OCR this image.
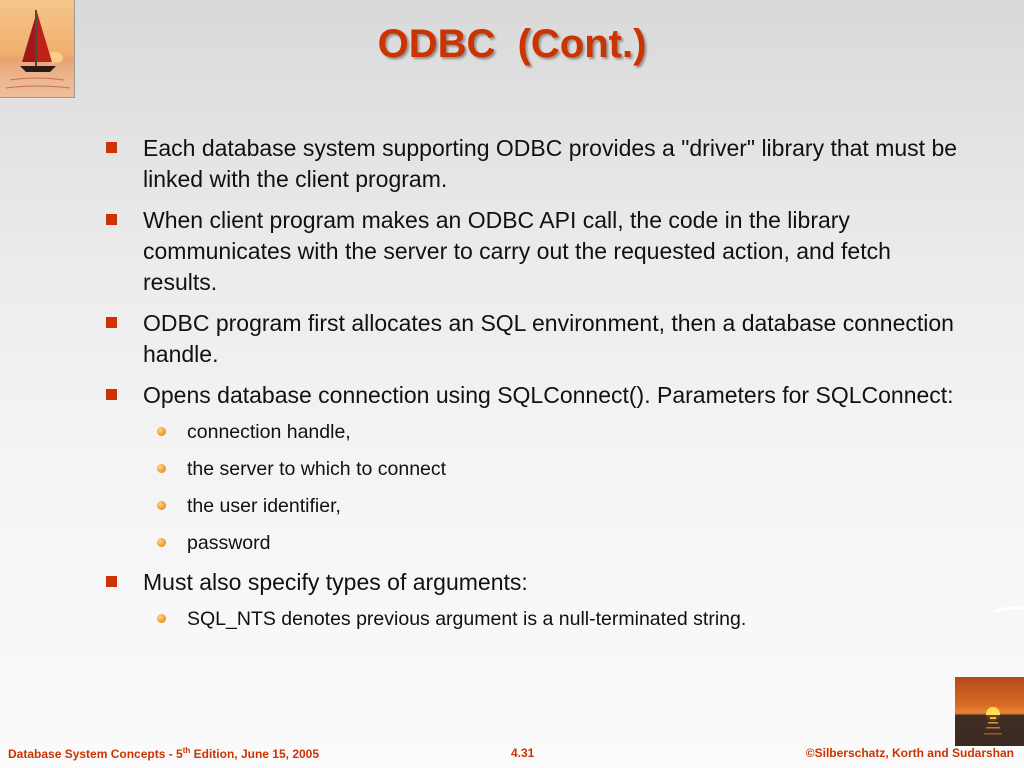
ODBC  (Cont.)
Each database system supporting ODBC provides a "driver" library that must be linked with the client program.
When client program makes an ODBC API call, the code in the library communicates with the server to carry out the requested action, and fetch results.
ODBC program first allocates an SQL environment, then a database connection handle.
Opens database connection using SQLConnect(). Parameters for SQLConnect:
connection handle,
the server to which to connect
the user identifier,
password
Must also specify types of arguments:
SQL_NTS denotes previous argument is a null-terminated string.
Database System Concepts - 5th Edition, June 15, 2005	4.31	©Silberschatz, Korth and Sudarshan
